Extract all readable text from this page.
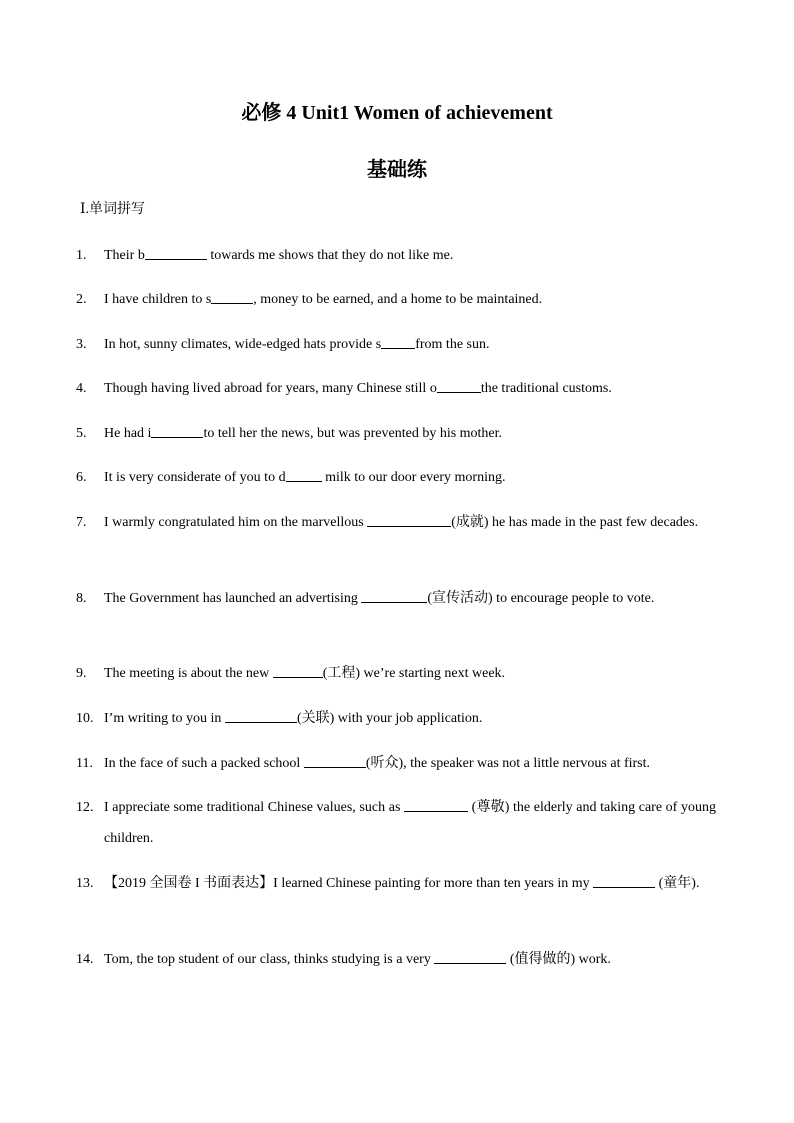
必修 4 Unit1 Women of achievement
基础练
Ⅰ.单词拼写
1. Their b	towards me shows that they do not like me.
2. I have children to s	, money to be earned, and a home to be maintained.
3. In hot, sunny climates, wide-edged hats provide s from the sun.
4. Though having lived abroad for years, many Chinese still o	the traditional customs.
5. He had i	to tell her the news, but was prevented by his mother.
6. It is very considerate of you to d	milk to our door every morning.
7. I warmly congratulated him on the marvellous	(成就) he has made in the past few decades.
8. The Government has launched an advertising	(宣传活动) to encourage people to vote.
9. The meeting is about the new	(工程) we’re starting next week.
10. I’m writing to you in	(关联) with your job application.
11. In the face of such a packed school	(听众), the speaker was not a little nervous at first.
12. I appreciate some traditional Chinese values, such as	(尊敬) the elderly and taking care of young children.
13. 【2019 全国卷 I 书面表达】I learned Chinese painting for more than ten years in my	(童年).
14. Tom, the top student of our class, thinks studying is a very	(值得做的) work.
